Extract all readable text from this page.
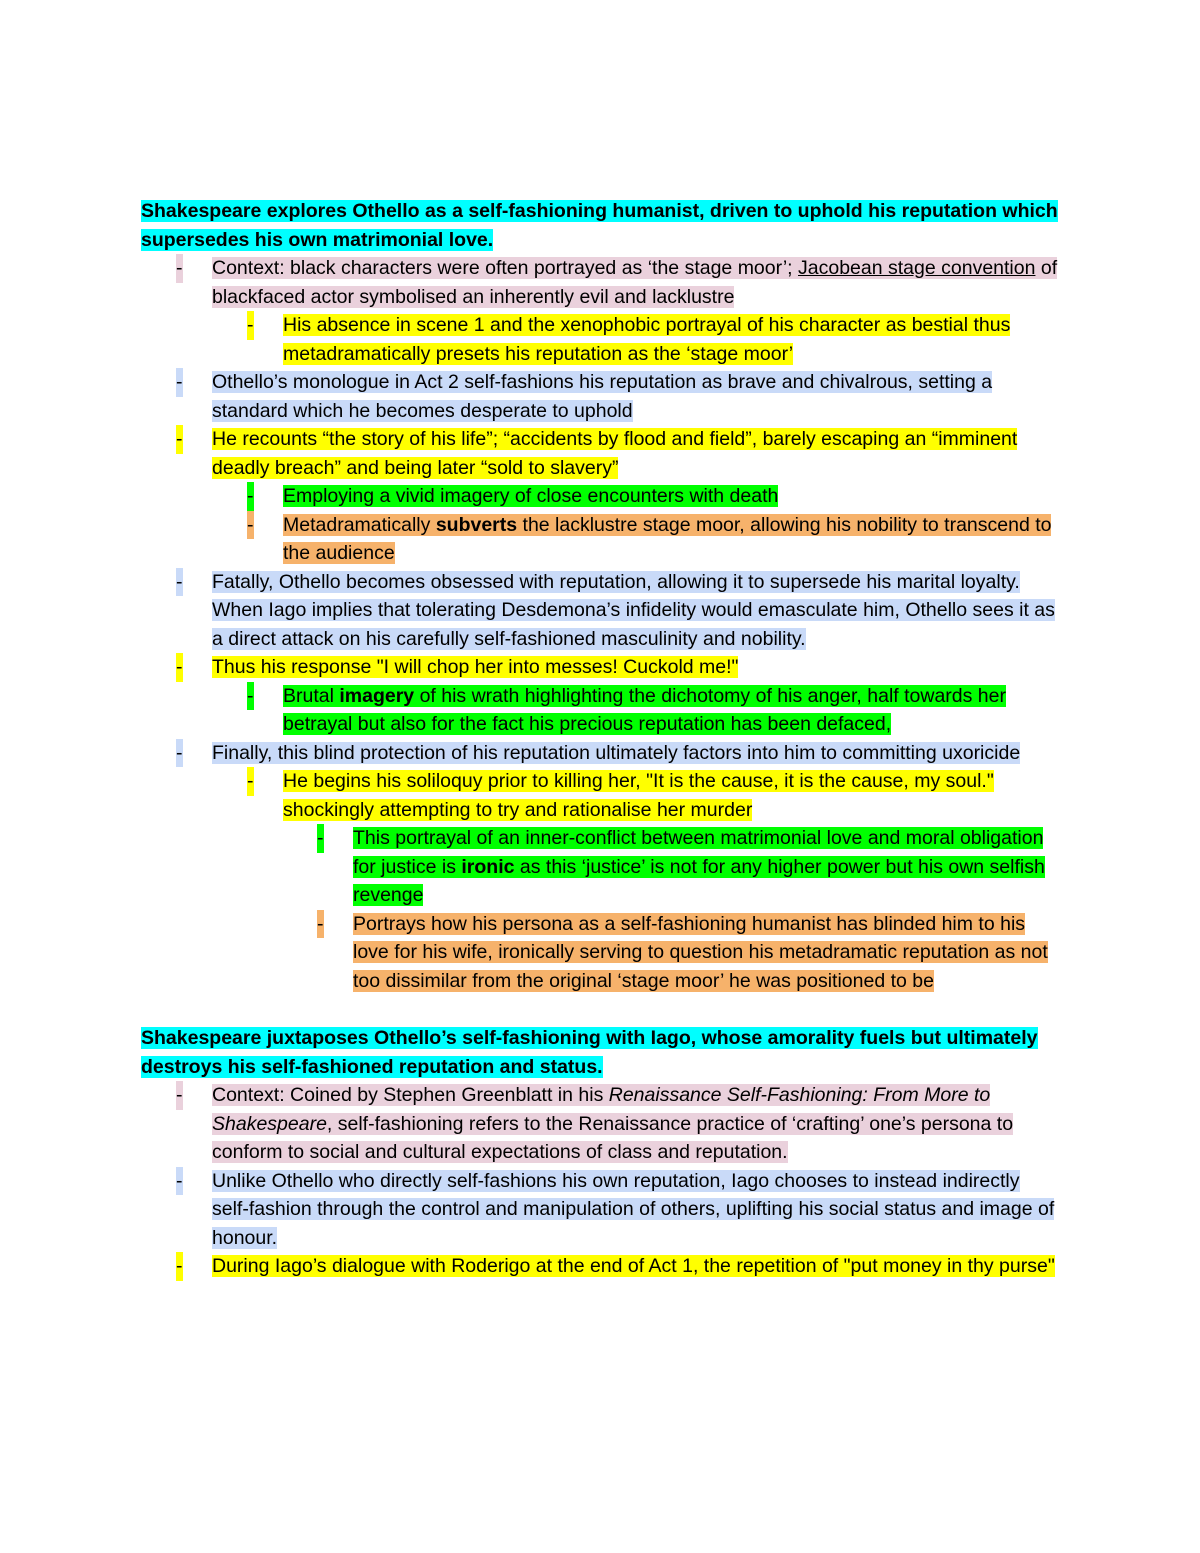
Shakespeare explores Othello as a self-fashioning humanist, driven to uphold his reputation which supersedes his own matrimonial love.

- Context: black characters were often portrayed as ‘the stage moor’; Jacobean stage convention of blackfaced actor symbolised an inherently evil and lacklustre
- His absence in scene 1 and the xenophobic portrayal of his character as bestial thus metadramatically presets his reputation as the ‘stage moor’
- Othello’s monologue in Act 2 self-fashions his reputation as brave and chivalrous, setting a standard which he becomes desperate to uphold
- He recounts “the story of his life”; “accidents by flood and field”, barely escaping an “imminent deadly breach” and being later “sold to slavery”
- Employing a vivid imagery of close encounters with death
- Metadramatically subverts the lacklustre stage moor, allowing his nobility to transcend to the audience
- Fatally, Othello becomes obsessed with reputation, allowing it to supersede his marital loyalty. When Iago implies that tolerating Desdemona’s infidelity would emasculate him, Othello sees it as a direct attack on his carefully self-fashioned masculinity and nobility.
- Thus his response "I will chop her into messes! Cuckold me!"
- Brutal imagery of his wrath highlighting the dichotomy of his anger, half towards her betrayal but also for the fact his precious reputation has been defaced,
- Finally, this blind protection of his reputation ultimately factors into him to committing uxoricide
- He begins his soliloquy prior to killing her, "It is the cause, it is the cause, my soul." shockingly attempting to try and rationalise her murder
- This portrayal of an inner-conflict between matrimonial love and moral obligation for justice is ironic as this ‘justice’ is not for any higher power but his own selfish revenge
- Portrays how his persona as a self-fashioning humanist has blinded him to his love for his wife, ironically serving to question his metadramatic reputation as not too dissimilar from the original ‘stage moor’ he was positioned to be

Shakespeare juxtaposes Othello’s self-fashioning with Iago, whose amorality fuels but ultimately destroys his self-fashioned reputation and status.

- Context: Coined by Stephen Greenblatt in his Renaissance Self-Fashioning: From More to Shakespeare, self-fashioning refers to the Renaissance practice of ‘crafting’ one’s persona to conform to social and cultural expectations of class and reputation.
- Unlike Othello who directly self-fashions his own reputation, Iago chooses to instead indirectly self-fashion through the control and manipulation of others, uplifting his social status and image of honour.
- During Iago’s dialogue with Roderigo at the end of Act 1, the repetition of "put money in thy purse"
